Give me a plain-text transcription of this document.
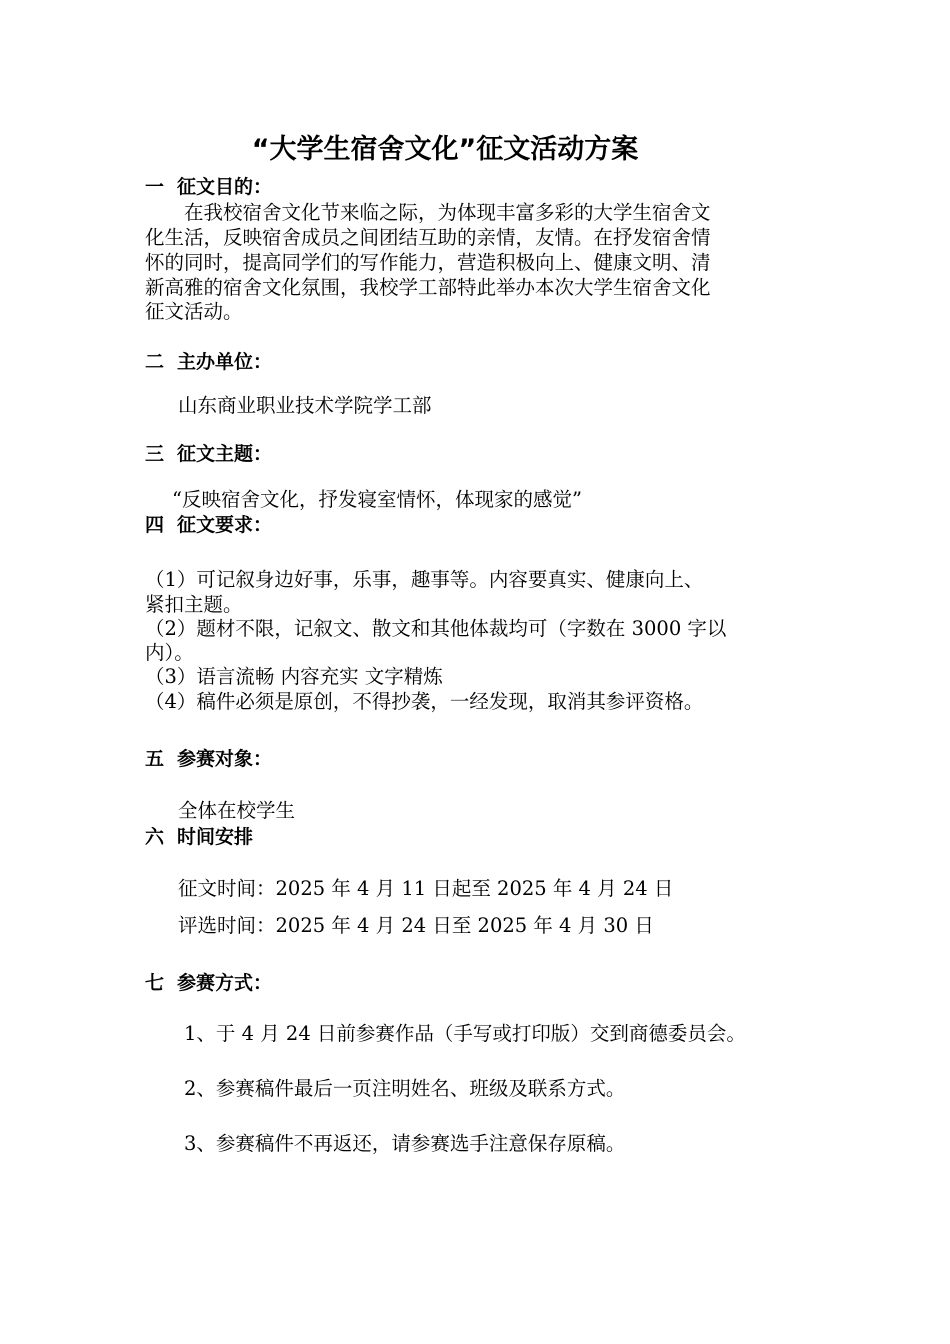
“大学生宿舍文化”征文活动方案
一 征文目的：
　　在我校宿舍文化节来临之际，为体现丰富多彩的大学生宿舍文
化生活，反映宿舍成员之间团结互助的亲情，友情。在抒发宿舍情
怀的同时，提高同学们的写作能力，营造积极向上、健康文明、清
新高雅的宿舍文化氛围，我校学工部特此举办本次大学生宿舍文化
征文活动。
二 主办单位：
山东商业职业技术学院学工部
三 征文主题：
“反映宿舍文化，抒发寝室情怀，体现家的感觉”
四 征文要求：
（1）可记叙身边好事，乐事，趣事等。内容要真实、健康向上、
紧扣主题。
（2）题材不限，记叙文、散文和其他体裁均可（字数在 3000 字以
内）。
（3）语言流畅 内容充实 文字精炼
（4）稿件必须是原创，不得抄袭，一经发现，取消其参评资格。
五 参赛对象：
全体在校学生
六 时间安排
征文时间：2025 年 4 月 11 日起至 2025 年 4 月 24 日
评选时间：2025 年 4 月 24 日至 2025 年 4 月 30 日
七 参赛方式：
1、于 4 月 24 日前参赛作品（手写或打印版）交到商德委员会。
2、参赛稿件最后一页注明姓名、班级及联系方式。
3、参赛稿件不再返还，请参赛选手注意保存原稿。
